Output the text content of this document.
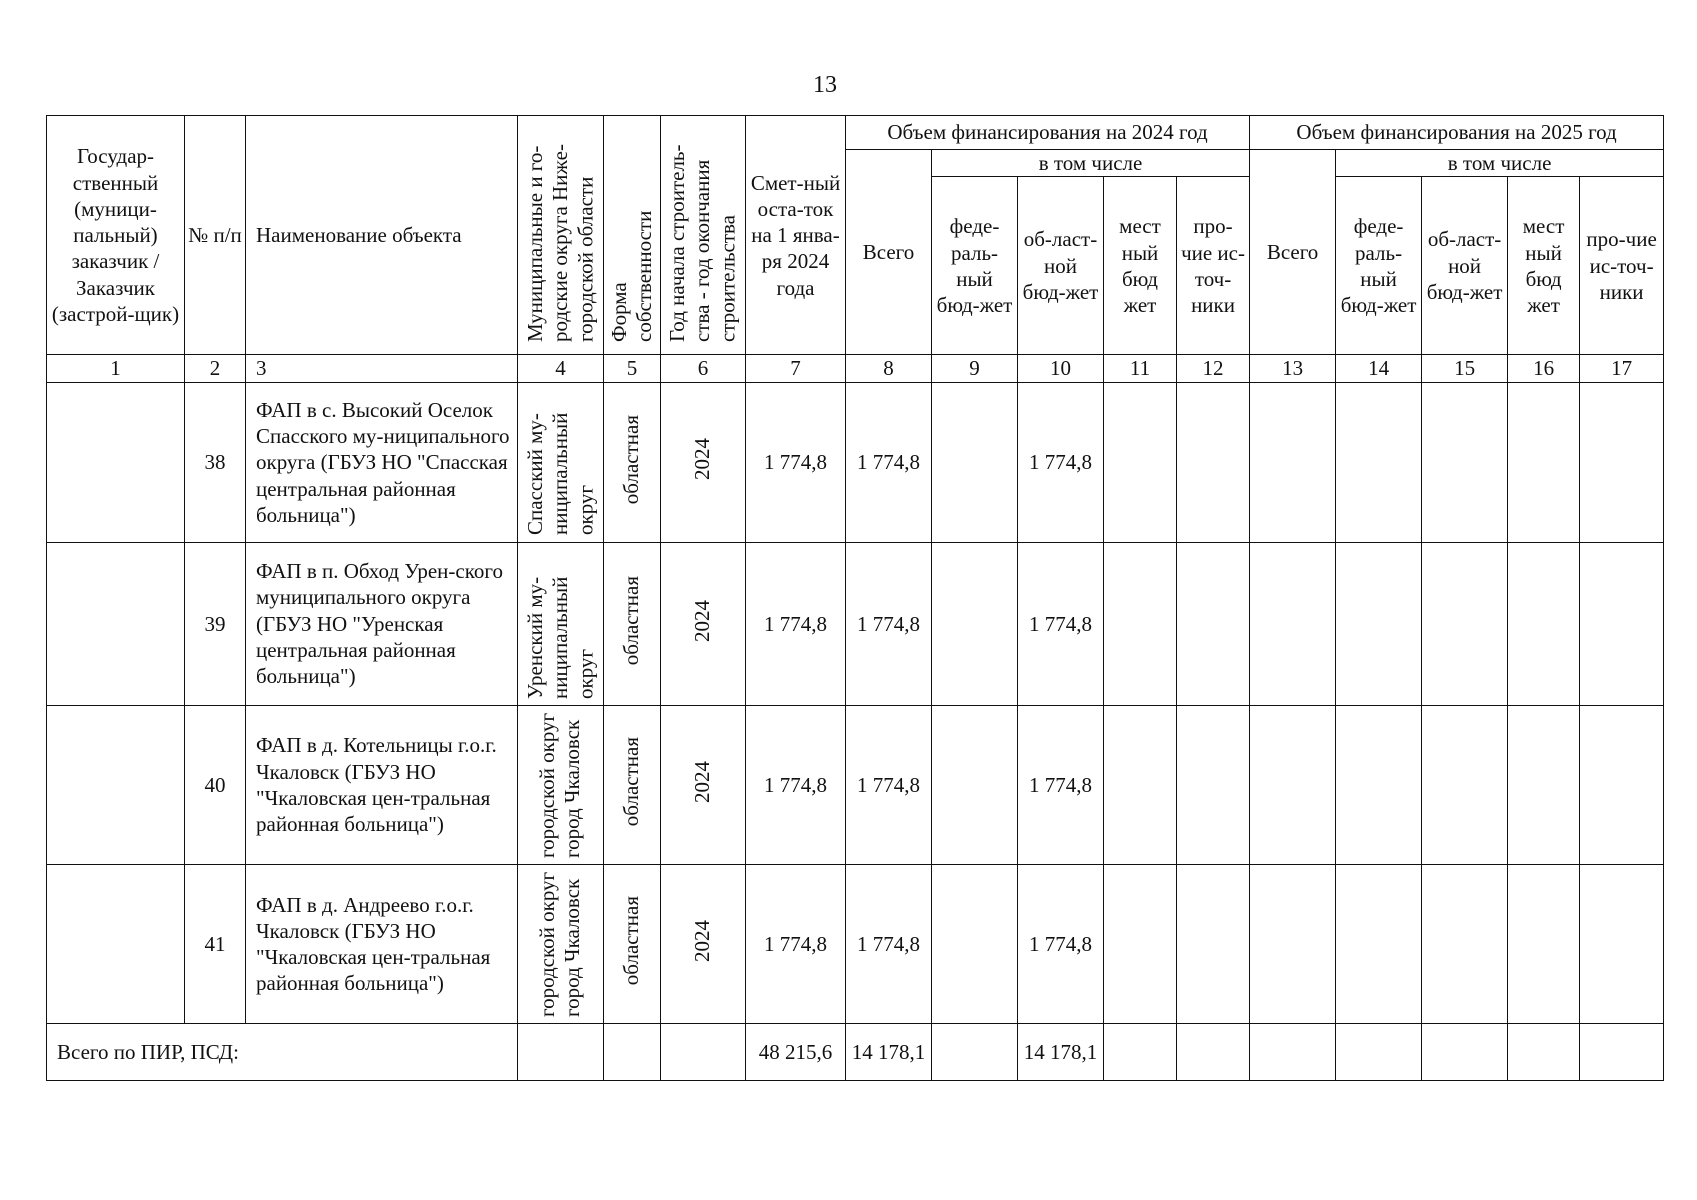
13
Государ-ственный (муници-пальный) заказчик / Заказчик (застрой-щик)	№ п/п	Наименование объекта	Муниципальные и го-родские округа Ниже-городской области	Форма собственности	Год начала строитель-ства - год окончания строительства	Смет-ный оста-ток на 1 янва-ря 2024 года	Объем финансирования на 2024 год					Объем финансирования на 2025 год				
							Всего	в том числе				Всего	в том числе			
								феде-раль-ный бюд-жет	об-ласт-ной бюд-жет	мест ный бюд жет	про-чие ис-точ-ники		феде-раль-ный бюд-жет	об-ласт-ной бюд-жет	мест ный бюд жет	про-чие ис-точ-ники
1	2	3	4	5	6	7	8	9	10	11	12	13	14	15	16	17
	38	ФАП в с. Высокий Оселок Спасского му-ниципального округа (ГБУЗ НО "Спасская центральная районная больница")	Спасский му-ниципальный округ	областная	2024	1 774,8	1 774,8		1 774,8							
	39	ФАП в п. Обход Урен-ского муниципального округа (ГБУЗ НО "Уренская центральная районная больница")	Уренский му-ниципальный округ	областная	2024	1 774,8	1 774,8		1 774,8							
	40	ФАП в д. Котельницы г.о.г. Чкаловск (ГБУЗ НО "Чкаловская цен-тральная районная больница")	городской округ город Чкаловск	областная	2024	1 774,8	1 774,8		1 774,8							
	41	ФАП в д. Андреево г.о.г. Чкаловск (ГБУЗ НО "Чкаловская цен-тральная районная больница")	городской округ город Чкаловск	областная	2024	1 774,8	1 774,8		1 774,8							
Всего по ПИР, ПСД:						48 215,6	14 178,1		14 178,1							
